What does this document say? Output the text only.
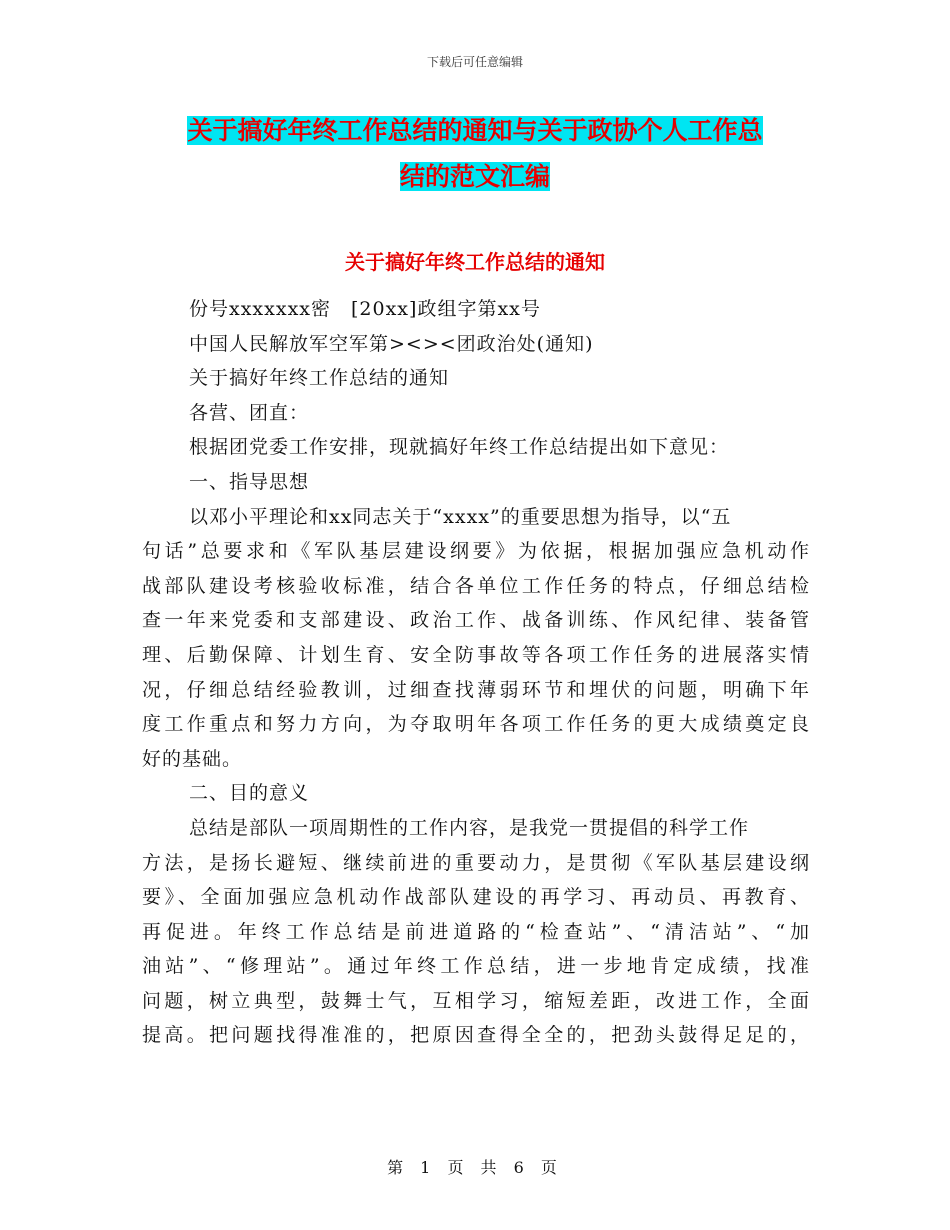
下载后可任意编辑
关于搞好年终工作总结的通知与关于政协个人工作总
结的范文汇编
关于搞好年终工作总结的通知
份号xxxxxxx密　[20xx]政组字第xx号
中国人民解放军空军第><><团政治处(通知)
关于搞好年终工作总结的通知
各营、团直：
根据团党委工作安排，现就搞好年终工作总结提出如下意见：
一、指导思想
以邓小平理论和xx同志关于“xxxx”的重要思想为指导，以“五
句话”总要求和《军队基层建设纲要》为依据，根据加强应急机动作
战部队建设考核验收标准，结合各单位工作任务的特点，仔细总结检
查一年来党委和支部建设、政治工作、战备训练、作风纪律、装备管
理、后勤保障、计划生育、安全防事故等各项工作任务的进展落实情
况，仔细总结经验教训，过细查找薄弱环节和埋伏的问题，明确下年
度工作重点和努力方向，为夺取明年各项工作任务的更大成绩奠定良
好的基础。
二、目的意义
总结是部队一项周期性的工作内容，是我党一贯提倡的科学工作
方法，是扬长避短、继续前进的重要动力，是贯彻《军队基层建设纲
要》、全面加强应急机动作战部队建设的再学习、再动员、再教育、
再促进。年终工作总结是前进道路的“检查站”、“清洁站”、“加
油站”、“修理站”。通过年终工作总结，进一步地肯定成绩，找准
问题，树立典型，鼓舞士气，互相学习，缩短差距，改进工作，全面
提高。把问题找得准准的，把原因查得全全的，把劲头鼓得足足的，
第 1 页 共 6 页
